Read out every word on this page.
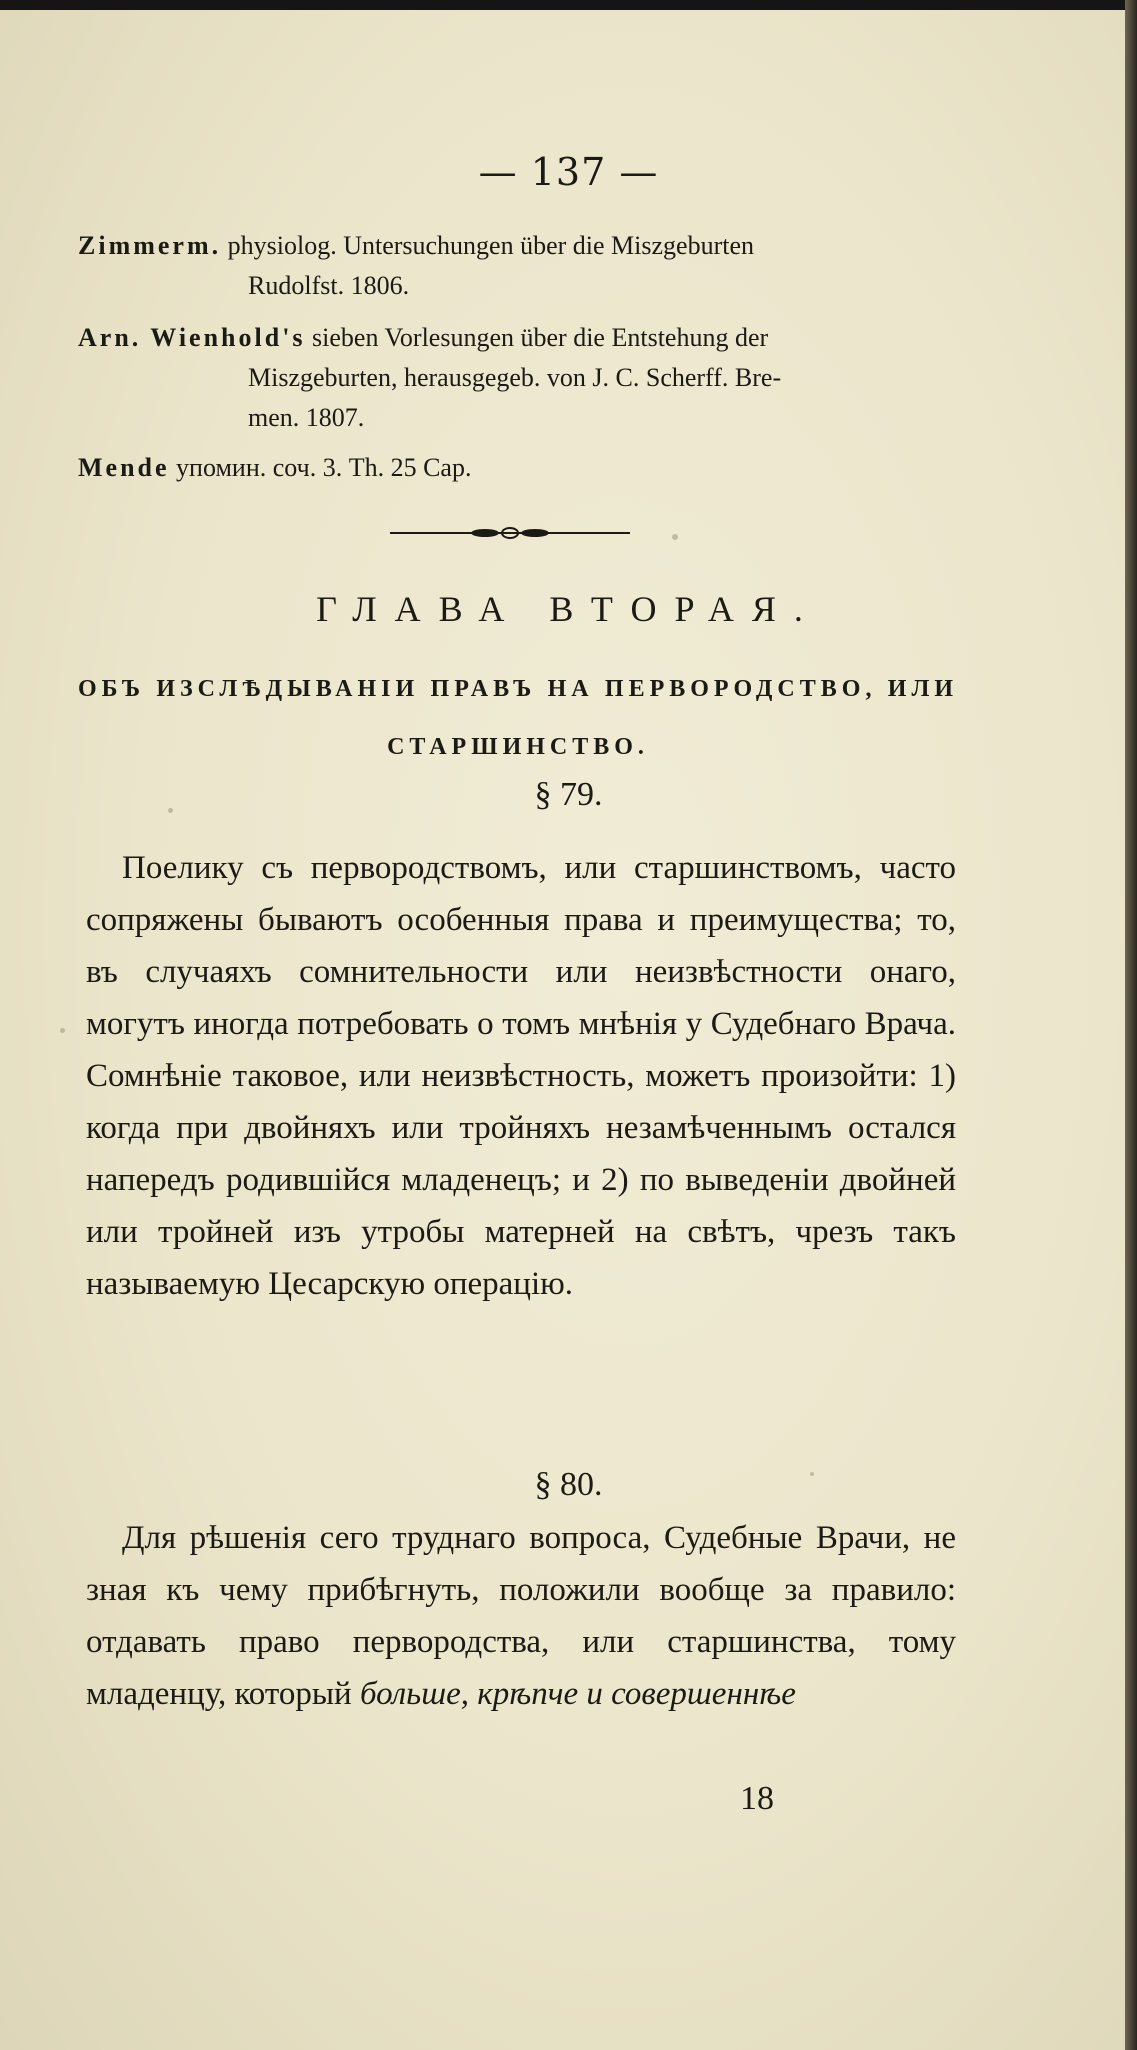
— 137 —
Zimmerm. physiolog. Untersuchungen über die Miszgeburten
Rudolfst. 1806.
Arn. Wienhold's sieben Vorlesungen über die Entstehung der
Miszgeburten, herausgegeb. von J. C. Scherff. Bre-
men. 1807.
Mende упомин. соч. 3. Th. 25 Cap.
ГЛАВА ВТОРАЯ.
ОБЪ ИЗСЛѢДЫВАНІИ ПРАВЪ НА ПЕРВОРОДСТВО, ИЛИ СТАРШИНСТВО.
§ 79.
Поелику съ первородствомъ, или старшинствомъ, часто сопряжены бываютъ особенныя права и преимущества; то, въ случаяхъ сомнительности или неизвѣстности онаго, могутъ иногда потребовать о томъ мнѣнія у Судебнаго Врача. Сомнѣніе таковое, или неизвѣстность, можетъ произойти: 1) когда при двойняхъ или тройняхъ незамѣченнымъ остался напередъ родившійся младенецъ; и 2) по выведеніи двойней или тройней изъ утробы матерней на свѣтъ, чрезъ такъ называемую Цесарскую операцію.
§ 80.
Для рѣшенія сего труднаго вопроса, Судебные Врачи, не зная къ чему прибѣгнуть, положили вообще за правило: отдавать право первородства, или старшинства, тому младенцу, который больше, крѣпче и совершеннѣе
18
